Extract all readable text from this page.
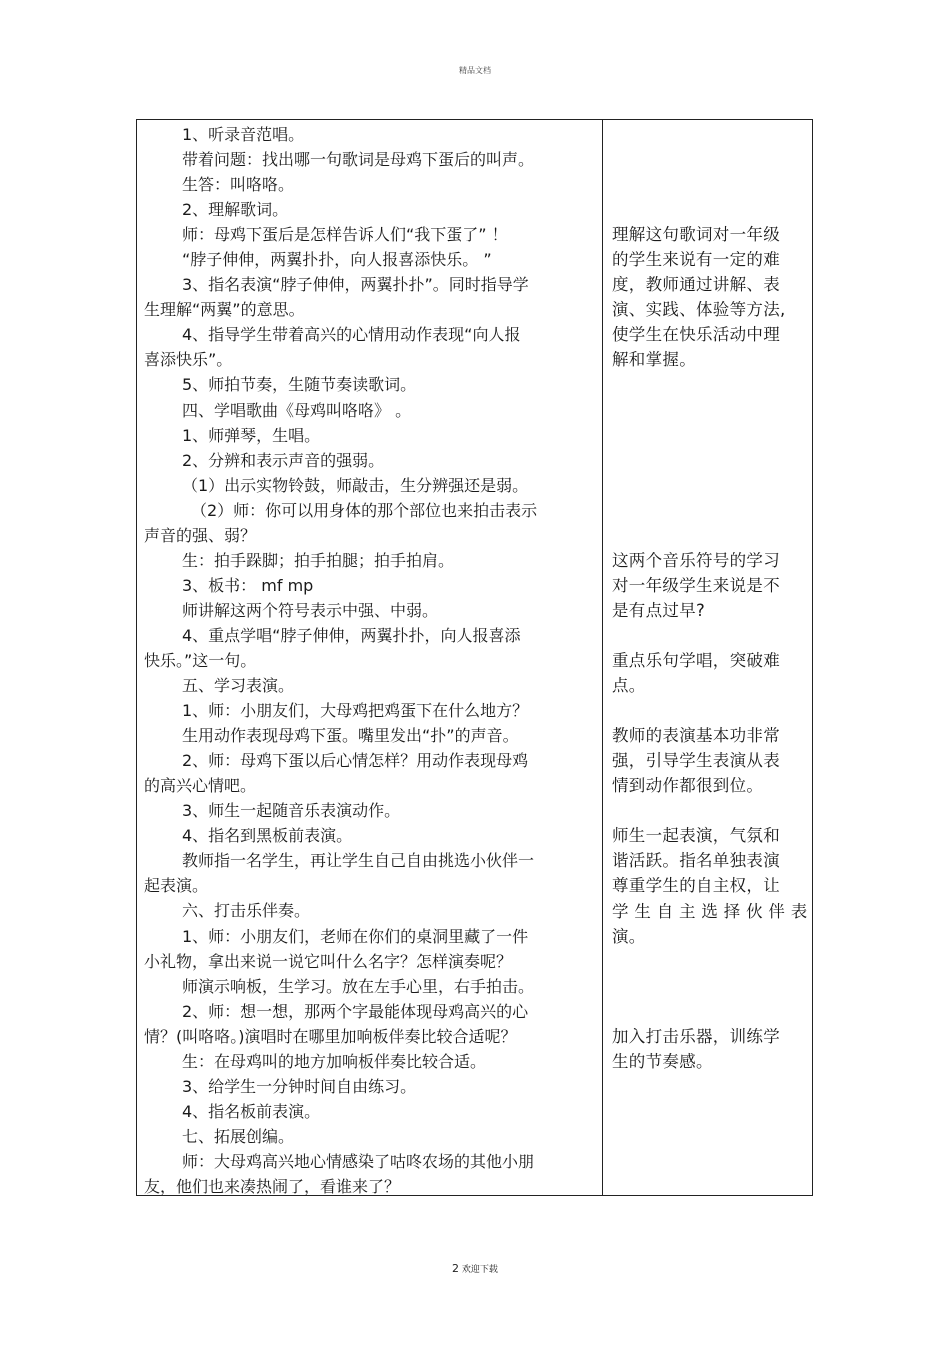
精品文档
1、听录音范唱。
带着问题：找出哪一句歌词是母鸡下蛋后的叫声。
生答：叫咯咯。
2、理解歌词。
师：母鸡下蛋后是怎样告诉人们“我下蛋了” ！
“脖子伸伸，两翼扑扑，向人报喜添快乐。 ”
3、指名表演“脖子伸伸，两翼扑扑”。同时指导学
生理解“两翼”的意思。
4、指导学生带着高兴的心情用动作表现“向人报
喜添快乐”。
5、师拍节奏，生随节奏读歌词。
四、学唱歌曲《母鸡叫咯咯》 。
1、师弹琴，生唱。
2、分辨和表示声音的强弱。
（1）出示实物铃鼓，师敲击，生分辨强还是弱。
（2）师：你可以用身体的那个部位也来拍击表示
声音的强、弱？
生：拍手跺脚；拍手拍腿；拍手拍肩。
3、板书： mf mp
师讲解这两个符号表示中强、中弱。
4、重点学唱“脖子伸伸，两翼扑扑，向人报喜添
快乐。”这一句。
五、学习表演。
1、师：小朋友们，大母鸡把鸡蛋下在什么地方？
生用动作表现母鸡下蛋。嘴里发出“扑”的声音。
2、师：母鸡下蛋以后心情怎样？用动作表现母鸡
的高兴心情吧。
3、师生一起随音乐表演动作。
4、指名到黑板前表演。
教师指一名学生，再让学生自己自由挑选小伙伴一
起表演。
六、打击乐伴奏。
1、师：小朋友们，老师在你们的桌洞里藏了一件
小礼物，拿出来说一说它叫什么名字？怎样演奏呢？
师演示响板，生学习。放在左手心里，右手拍击。
2、师：想一想，那两个字最能体现母鸡高兴的心
情？(叫咯咯。)演唱时在哪里加响板伴奏比较合适呢？
生：在母鸡叫的地方加响板伴奏比较合适。
3、给学生一分钟时间自由练习。
4、指名板前表演。
七、拓展创编。
师：大母鸡高兴地心情感染了咕咚农场的其他小朋
友，他们也来凑热闹了，看谁来了？
理解这句歌词对一年级
的学生来说有一定的难
度，教师通过讲解、表
演、实践、体验等方法,
使学生在快乐活动中理
解和掌握。
这两个音乐符号的学习
对一年级学生来说是不
是有点过早?
重点乐句学唱，突破难
点。
教师的表演基本功非常
强，引导学生表演从表
情到动作都很到位。
师生一起表演，气氛和
谐活跃。指名单独表演
尊重学生的自主权，让
学 生 自 主 选 择 伙 伴 表
演。
加入打击乐器，训练学
生的节奏感。
2 欢迎下载
